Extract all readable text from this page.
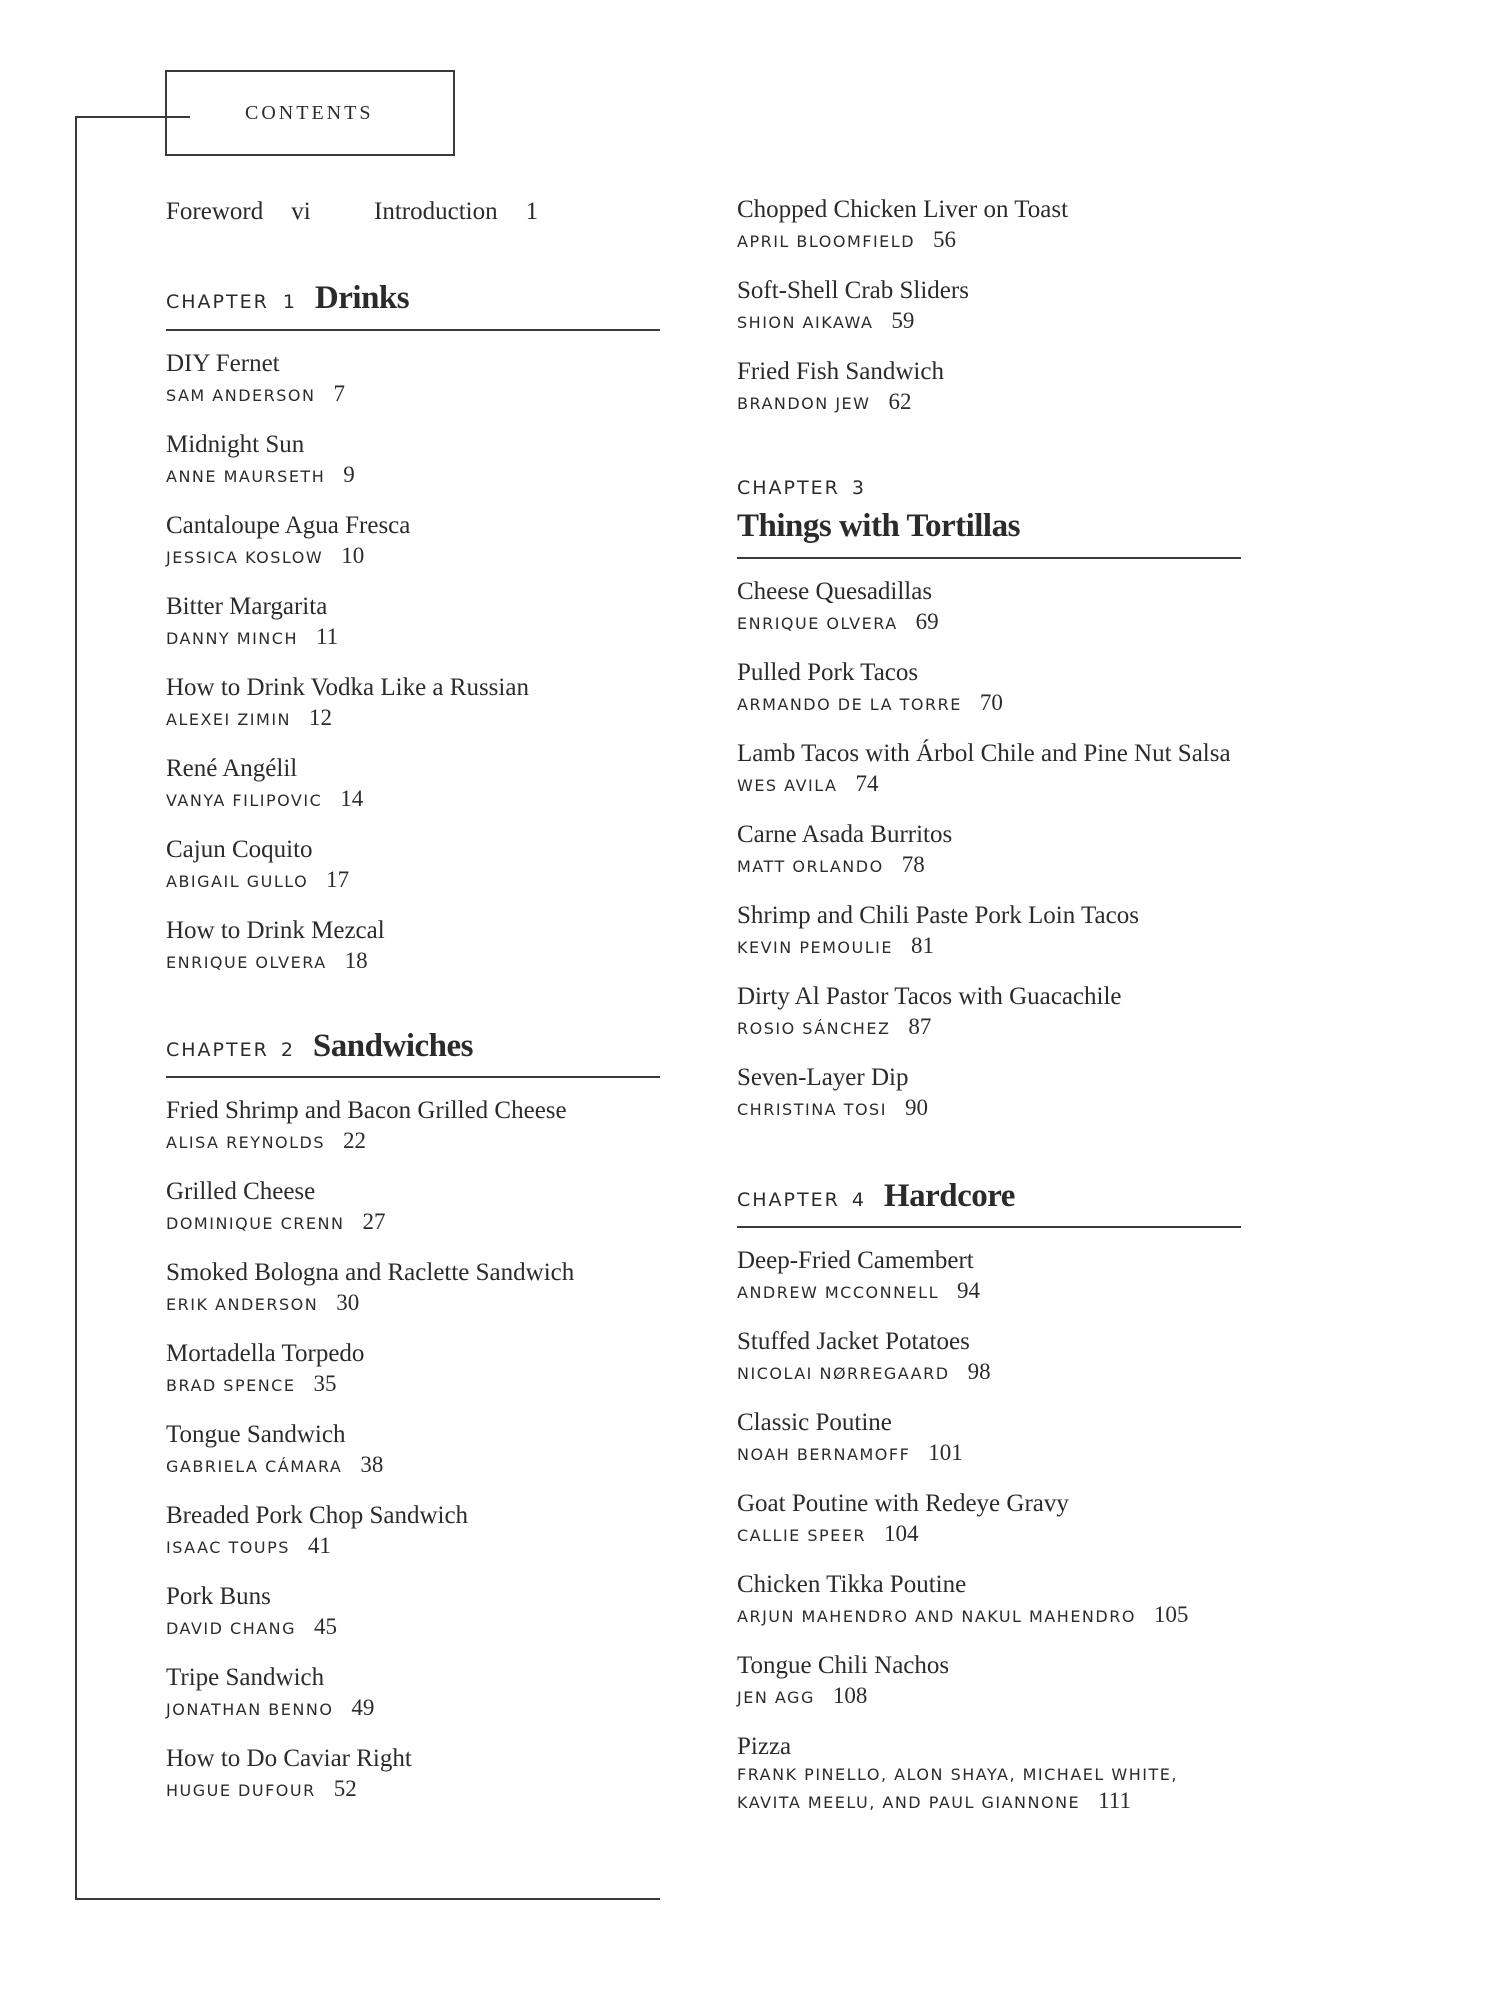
CONTENTS
Foreword vi	Introduction 1
CHAPTER 1 Drinks
DIY Fernet
SAM ANDERSON 7
Midnight Sun
ANNE MAURSETH 9
Cantaloupe Agua Fresca
JESSICA KOSLOW 10
Bitter Margarita
DANNY MINCH 11
How to Drink Vodka Like a Russian
ALEXEI ZIMIN 12
René Angélil
VANYA FILIPOVIC 14
Cajun Coquito
ABIGAIL GULLO 17
How to Drink Mezcal
ENRIQUE OLVERA 18
CHAPTER 2 Sandwiches
Fried Shrimp and Bacon Grilled Cheese
ALISA REYNOLDS 22
Grilled Cheese
DOMINIQUE CRENN 27
Smoked Bologna and Raclette Sandwich
ERIK ANDERSON 30
Mortadella Torpedo
BRAD SPENCE 35
Tongue Sandwich
GABRIELA CÁMARA 38
Breaded Pork Chop Sandwich
ISAAC TOUPS 41
Pork Buns
DAVID CHANG 45
Tripe Sandwich
JONATHAN BENNO 49
How to Do Caviar Right
HUGUE DUFOUR 52
Chopped Chicken Liver on Toast
APRIL BLOOMFIELD 56
Soft-Shell Crab Sliders
SHION AIKAWA 59
Fried Fish Sandwich
BRANDON JEW 62
CHAPTER 3
Things with Tortillas
Cheese Quesadillas
ENRIQUE OLVERA 69
Pulled Pork Tacos
ARMANDO DE LA TORRE 70
Lamb Tacos with Árbol Chile and Pine Nut Salsa
WES AVILA 74
Carne Asada Burritos
MATT ORLANDO 78
Shrimp and Chili Paste Pork Loin Tacos
KEVIN PEMOULIE 81
Dirty Al Pastor Tacos with Guacachile
ROSIO SÁNCHEZ 87
Seven-Layer Dip
CHRISTINA TOSI 90
CHAPTER 4 Hardcore
Deep-Fried Camembert
ANDREW MCCONNELL 94
Stuffed Jacket Potatoes
NICOLAI NØRREGAARD 98
Classic Poutine
NOAH BERNAMOFF 101
Goat Poutine with Redeye Gravy
CALLIE SPEER 104
Chicken Tikka Poutine
ARJUN MAHENDRO AND NAKUL MAHENDRO 105
Tongue Chili Nachos
JEN AGG 108
Pizza
FRANK PINELLO, ALON SHAYA, MICHAEL WHITE,
KAVITA MEELU, AND PAUL GIANNONE 111
